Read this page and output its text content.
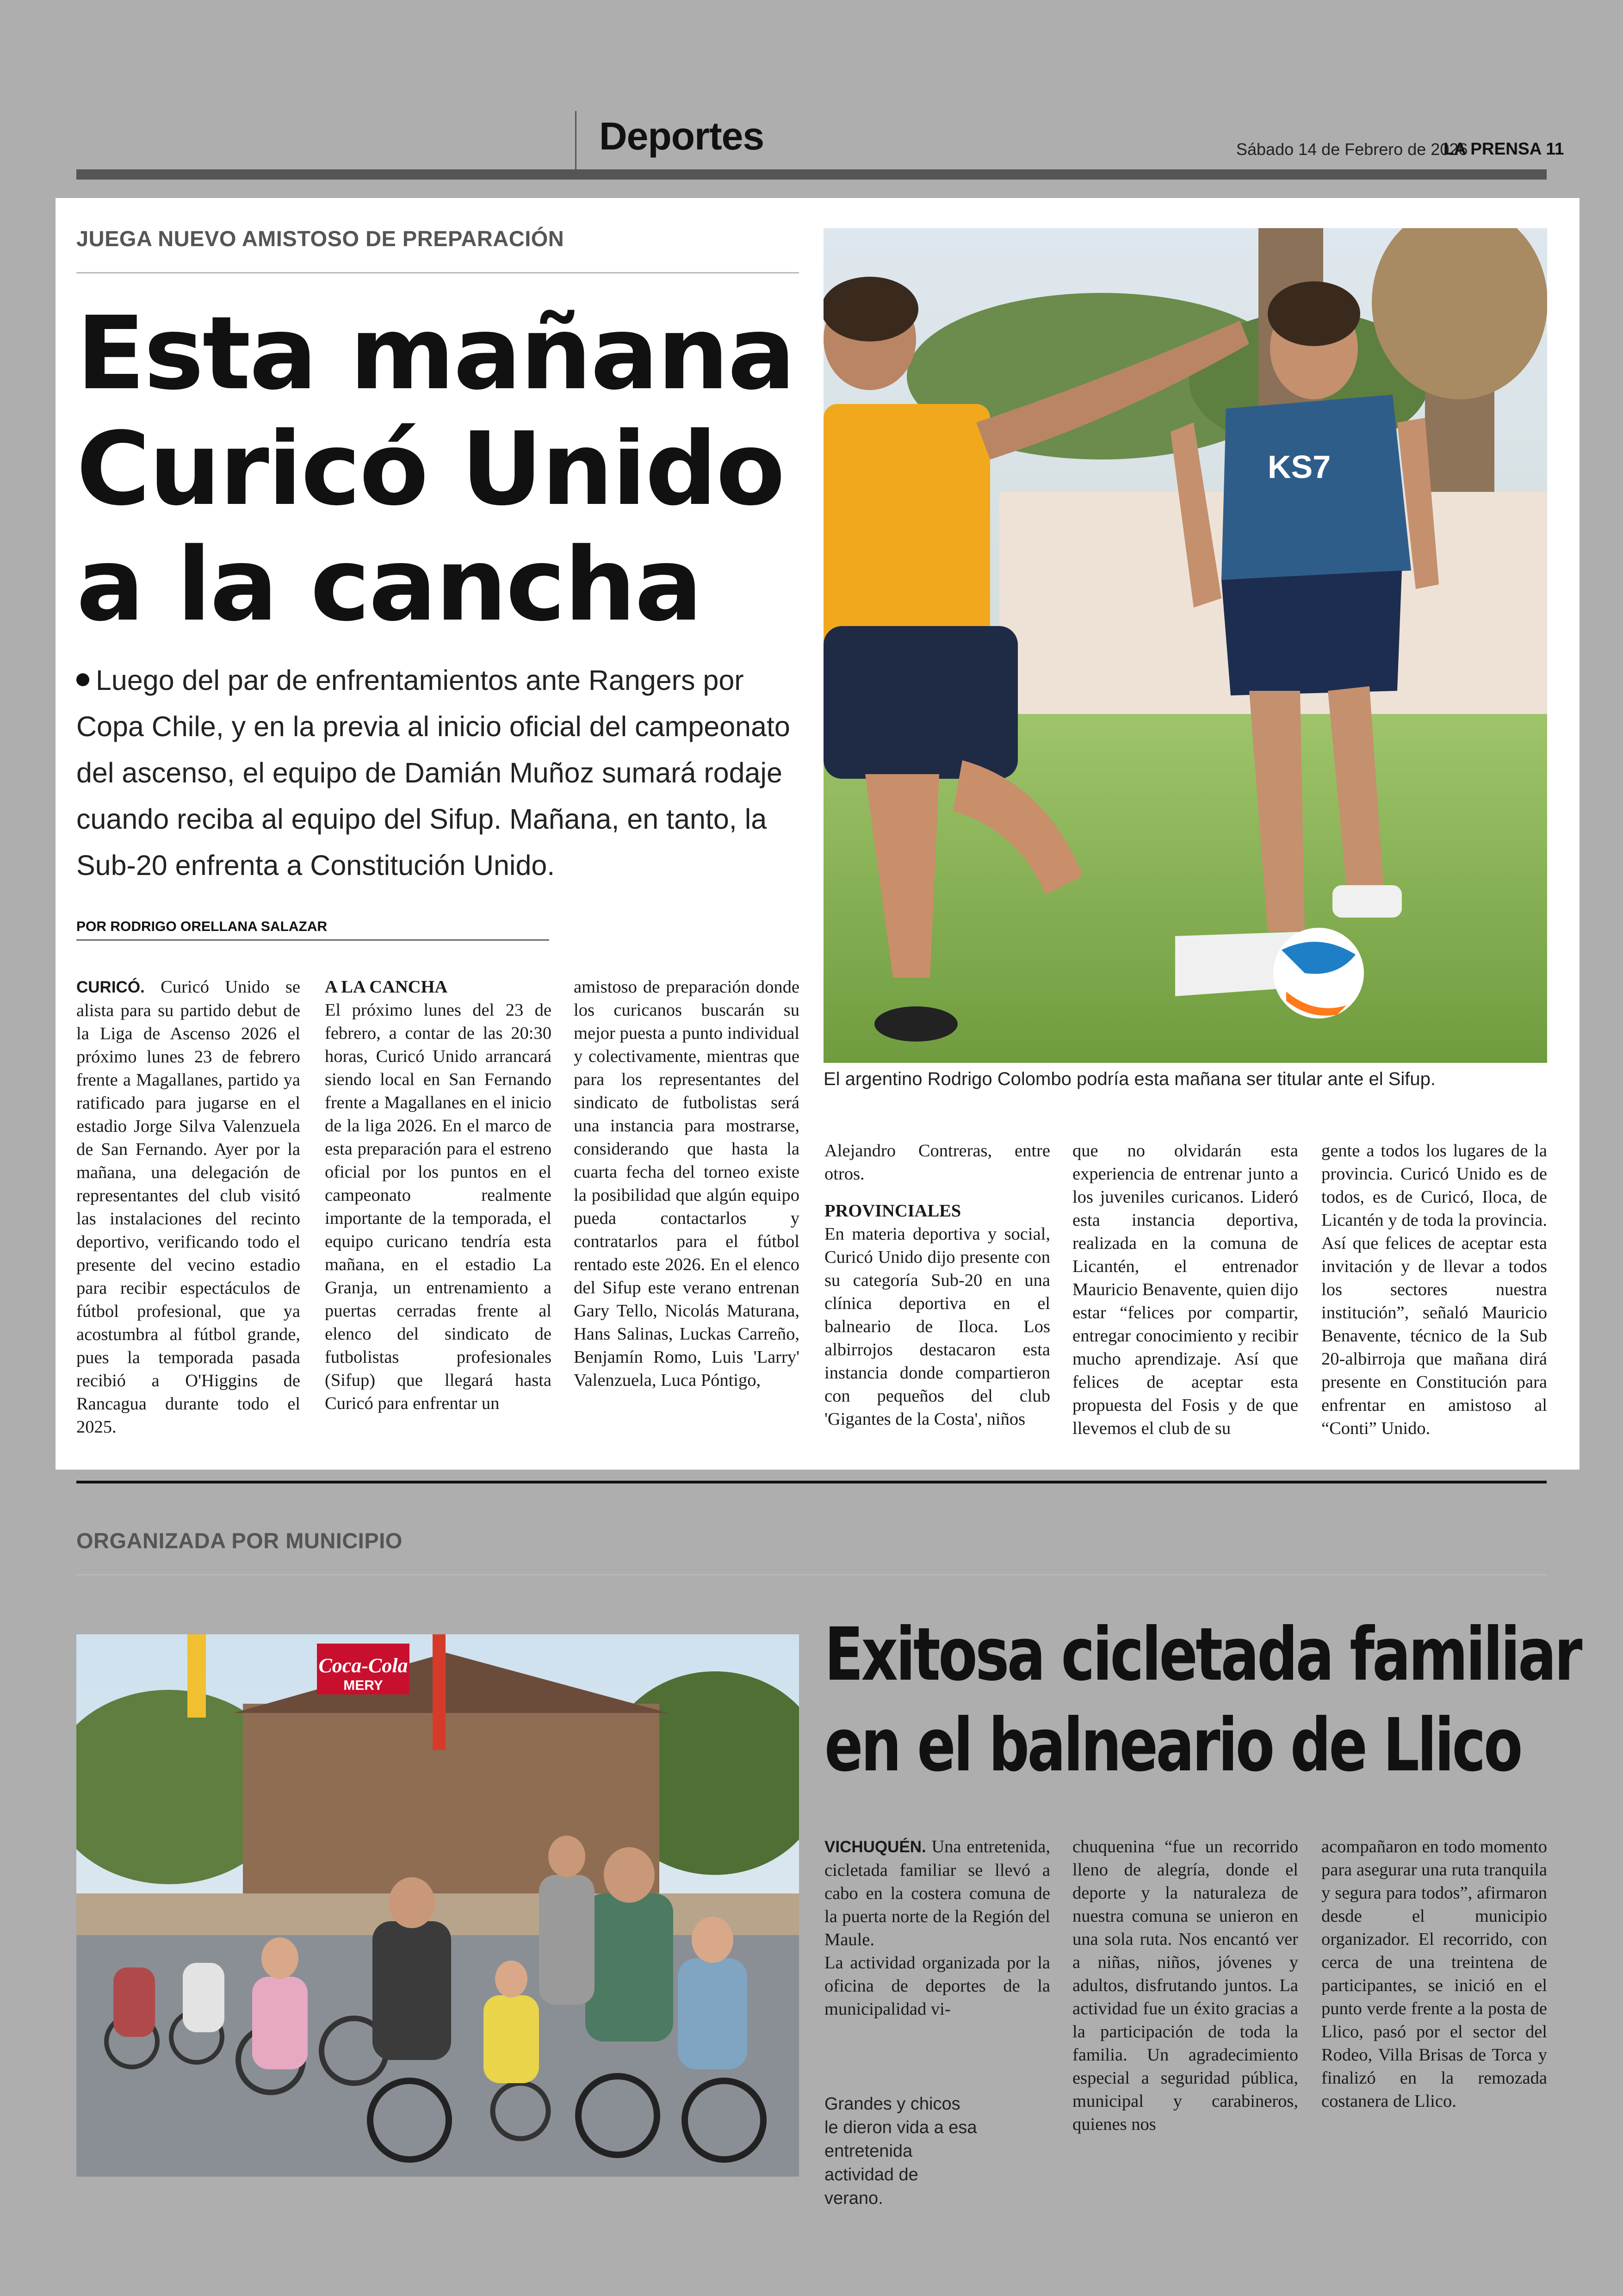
Deportes	Sábado 14 de Febrero de 2026
LA PRENSA 11
JUEGA NUEVO AMISTOSO DE PREPARACIÓN
Esta mañana
Curicó Unido
a la cancha
Luego del par de enfrentamientos ante Rangers por Copa Chile, y en la previa al inicio oficial del campeonato del ascenso, el equipo de Damián Muñoz sumará rodaje cuando reciba al equipo del Sifup. Mañana, en tanto, la Sub-20 enfrenta a Constitución Unido.
POR RODRIGO ORELLANA SALAZAR

CURICÓ. Curicó Unido se alista para su partido debut de la Liga de Ascenso 2026 el próximo lunes 23 de febrero frente a Magallanes, partido ya ratificado para jugarse en el estadio Jorge Silva Valenzuela de San Fernando. Ayer por la mañana, una delegación de representantes del club visitó las instalaciones del recinto deportivo, verificando todo el presente del vecino estadio para recibir espectáculos de fútbol profesional, que ya acostumbra al fútbol grande, pues la temporada pasada recibió a O'Higgins de Rancagua durante todo el 2025.

A LA CANCHA

El próximo lunes del 23 de febrero, a contar de las 20:30 horas, Curicó Unido arrancará siendo local en San Fernando frente a Magallanes en el inicio de la liga 2026. En el marco de esta preparación para el estreno oficial por los puntos en el campeonato realmente importante de la temporada, el equipo curicano tendría esta mañana, en el estadio La Granja, un entrenamiento a puertas cerradas frente al elenco del sindicato de futbolistas profesionales (Sifup) que llegará hasta Curicó para enfrentar un

amistoso de preparación donde los curicanos buscarán su mejor puesta a punto individual y colectivamente, mientras que para los representantes del sindicato de futbolistas será una instancia para mostrarse, considerando que hasta la cuarta fecha del torneo existe la posibilidad que algún equipo pueda contactarlos y contratarlos para el fútbol rentado este 2026. En el elenco del Sifup este verano entrenan Gary Tello, Nicolás Maturana, Hans Salinas, Luckas Carreño, Benjamín Romo, Luis 'Larry' Valenzuela, Luca Póntigo,

Alejandro Contreras, entre otros.

PROVINCIALES

En materia deportiva y social, Curicó Unido dijo presente con su categoría Sub-20 en una clínica deportiva en el balneario de Iloca. Los albirrojos destacaron esta instancia donde compartieron con pequeños del club 'Gigantes de la Costa', niños

que no olvidarán esta experiencia de entrenar junto a los juveniles curicanos. Lideró esta instancia deportiva, realizada en la comuna de Licantén, el entrenador Mauricio Benavente, quien dijo estar “felices por compartir, entregar conocimiento y recibir mucho aprendizaje. Así que felices de aceptar esta propuesta del Fosis y de que llevemos el club de su

gente a todos los lugares de la provincia. Curicó Unido es de todos, es de Curicó, Iloca, de Licantén y de toda la provincia. Así que felices de aceptar esta invitación y de llevar a todos los sectores nuestra institución”, señaló Mauricio Benavente, técnico de la Sub 20-albirroja que mañana dirá presente en Constitución para enfrentar en amistoso al “Conti” Unido.

KS7
El argentino Rodrigo Colombo podría esta mañana ser titular ante el Sifup.
ORGANIZADA POR MUNICIPIO
Coca-Cola
MERY	Exitosa cicletada familiar
en el balneario de Llico

VICHUQUÉN. Una entretenida, cicletada familiar se llevó a cabo en la costera comuna de la puerta norte de la Región del Maule.

La actividad organizada por la oficina de deportes de la municipalidad vi-

Grandes y chicos le dieron vida a esa entretenida actividad de verano.

chuquenina “fue un recorrido lleno de alegría, donde el deporte y la naturaleza de nuestra comuna se unieron en una sola ruta. Nos encantó ver a niñas, niños, jóvenes y adultos, disfrutando juntos. La actividad fue un éxito gracias a la participación de toda la familia. Un agradecimiento especial a seguridad pública, municipal y carabineros, quienes nos

acompañaron en todo momento para asegurar una ruta tranquila y segura para todos”, afirmaron desde el municipio organizador. El recorrido, con cerca de una treintena de participantes, se inició en el punto verde frente a la posta de Llico, pasó por el sector del Rodeo, Villa Brisas de Torca y finalizó en la remozada costanera de Llico.
